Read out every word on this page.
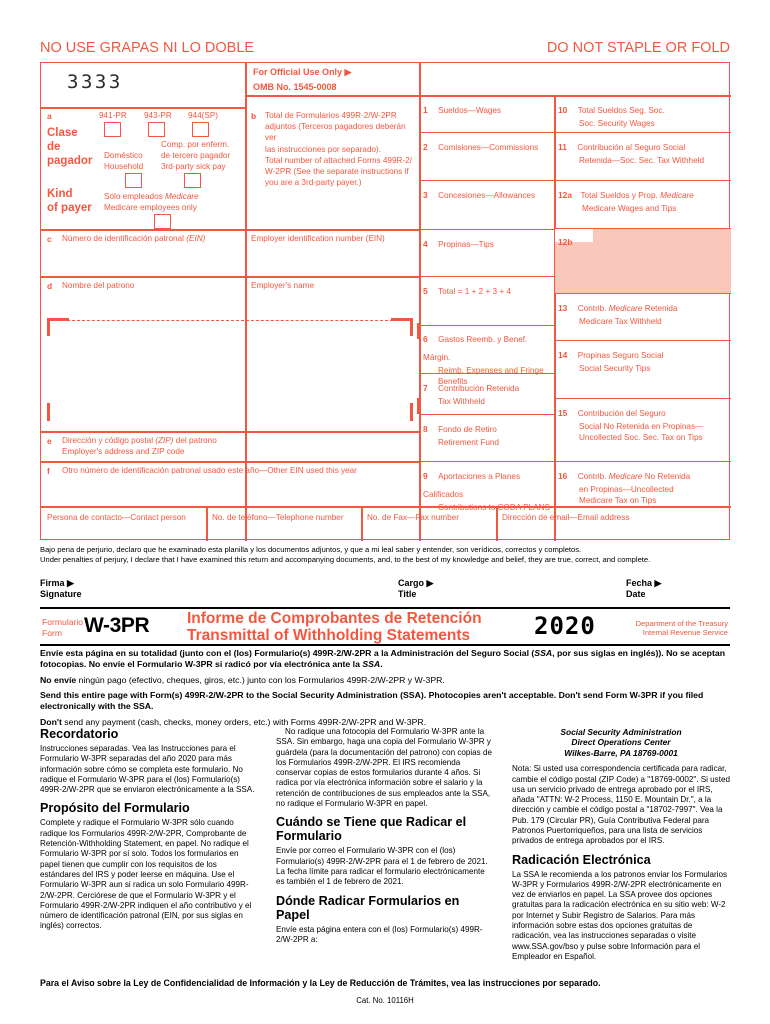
NO USE GRAPAS NI LO DOBLE	DO NOT STAPLE OR FOLD
3333	For Official Use Only ▶
OMB No. 1545-0008
a
Clase
de
pagador
Kind
of payer
941-PR 943-PR 944(SP)
Doméstico
Household
Comp. por enferm.
de tercero pagador
3rd-party sick pay
Sólo empleados Medicare
Medicare employees only
b Total de Formularios 499R-2/W-2PR
adjuntos (Terceros pagadores deberán ver
las instrucciones por separado).
Total number of attached Forms 499R-2/
W-2PR (See the separate instructions if
you are a 3rd-party payer.)
c Número de identificación patronal (EIN)	Employer identification number (EIN)
d Nombre del patrono	Employer's name
e Dirección y código postal (ZIP) del patrono
Employer's address and ZIP code
f Otro número de identificación patronal usado este año—Other EIN used this year
Persona de contacto—Contact person	No. de teléfono—Telephone number	No. de Fax—Fax number	Dirección de email—Email address
1 Sueldos—Wages
2 Comisiones—Commissions
3 Concesiones—Allowances
4 Propinas—Tips
5 Total = 1 + 2 + 3 + 4
6 Gastos Reemb. y Benef. Márgin.
Reimb. Expenses and Fringe Benefits
7 Contribución Retenida
Tax Withheld
8 Fondo de Retiro
Retirement Fund
9 Aportaciones a Planes Calificados
Contributions to CODA PLANS
10 Total Sueldos Seg. Soc.
Soc. Security Wages
11 Contribución al Seguro Social
Retenida—Soc. Sec. Tax Withheld
12a Total Sueldos y Prop. Medicare
Medicare Wages and Tips
12b
13 Contrib. Medicare Retenida
Medicare Tax Withheld
14 Propinas Seguro Social
Social Security Tips
15 Contribución del Seguro
Social No Retenida en Propinas—
Uncollected Soc. Sec. Tax on Tips
16 Contrib. Medicare No Retenida
en Propinas—Uncollected
Medicare Tax on Tips
Bajo pena de perjurio, declaro que he examinado esta planilla y los documentos adjuntos, y que a mi leal saber y entender, son verídicos, correctos y completos.
Under penalties of perjury, I declare that I have examined this return and accompanying documents, and, to the best of my knowledge and belief, they are true, correct, and complete.
Firma ▶
Signature
Cargo ▶
Title
Fecha ▶
Date
Formulario
Form	W-3PR Informe de Comprobantes de Retención
Transmittal of Withholding Statements	2020	Department of the Treasury
Internal Revenue Service

Envíe esta página en su totalidad (junto con el (los) Formulario(s) 499R-2/W-2PR a la Administración del Seguro Social (SSA, por sus siglas en inglés)). No se aceptan fotocopias. No envíe el Formulario W-3PR si radicó por vía electrónica ante la SSA.

No envíe ningún pago (efectivo, cheques, giros, etc.) junto con los Formularios 499R-2/W-2PR y W-3PR.

Send this entire page with Form(s) 499R-2/W-2PR to the Social Security Administration (SSA). Photocopies aren't acceptable. Don't send Form W-3PR if you filed electronically with the SSA.

Don't send any payment (cash, checks, money orders, etc.) with Forms 499R-2/W-2PR and W-3PR.

Recordatorio

Instrucciones separadas. Vea las Instrucciones para el Formulario W-3PR separadas del año 2020 para más información sobre cómo se completa este formulario. No radique el Formulario W-3PR para el (los) Formulario(s) 499R-2/W-2PR que se enviaron electrónicamente a la SSA.

Propósito del Formulario

Complete y radique el Formulario W-3PR sólo cuando radique los Formularios 499R-2/W-2PR, Comprobante de Retención-Withholding Statement, en papel. No radique el Formulario W-3PR por sí solo. Todos los formularios en papel tienen que cumplir con los requisitos de los estándares del IRS y poder leerse en máquina. Use el Formulario W-3PR aun si radica un solo Formulario 499R-2/W-2PR. Cerciórese de que el Formulario W-3PR y el Formulario 499R-2/W-2PR indiquen el año contributivo y el número de identificación patronal (EIN, por sus siglas en inglés) correctos.

No radique una fotocopia del Formulario W-3PR ante la SSA. Sin embargo, haga una copia del Formulario W-3PR y guárdela (para la documentación del patrono) con copias de los Formularios 499R-2/W-2PR. El IRS recomienda conservar copias de estos formularios durante 4 años. Si radica por vía electrónica información sobre el salario y la retención de contribuciones de sus empleados ante la SSA, no radique el Formulario W-3PR en papel.

Cuándo se Tiene que Radicar el Formulario

Envíe por correo el Formulario W-3PR con el (los) Formulario(s) 499R-2/W-2PR para el 1 de febrero de 2021. La fecha límite para radicar el formulario electrónicamente es también el 1 de febrero de 2021.

Dónde Radicar Formularios en Papel

Envíe esta página entera con el (los) Formulario(s) 499R-2/W-2PR a:

Social Security Administration
Direct Operations Center
Wilkes-Barre, PA 18769-0001

Nota: Si usted usa correspondencia certificada para radicar, cambie el código postal (ZIP Code) a "18769-0002". Si usted usa un servicio privado de entrega aprobado por el IRS, añada "ATTN: W-2 Process, 1150 E. Mountain Dr.", a la dirección y cambie el código postal a "18702-7997". Vea la Pub. 179 (Circular PR), Guía Contributiva Federal para Patronos Puertorriqueños, para una lista de servicios privados de entrega aprobados por el IRS.

Radicación Electrónica

La SSA le recomienda a los patronos enviar los Formularios W-3PR y Formularios 499R-2/W-2PR electrónicamente en vez de enviarlos en papel. La SSA provee dos opciones gratuitas para la radicación electrónica en su sitio web: W-2 por Internet y Subir Registro de Salarios. Para más información sobre estas dos opciones gratuitas de radicación, vea las instrucciones separadas o visite www.SSA.gov/bso y pulse sobre Información para el Empleador en Español.

Para el Aviso sobre la Ley de Confidencialidad de Información y la Ley de Reducción de Trámites, vea las instrucciones por separado.
Cat. No. 10116H
